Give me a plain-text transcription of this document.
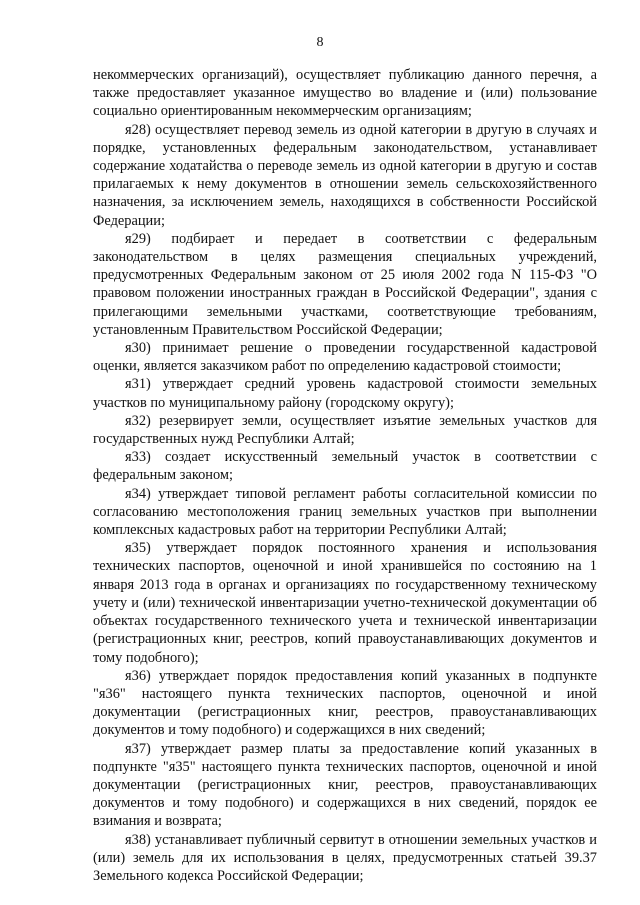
8

некоммерческих организаций), осуществляет публикацию данного перечня, а также предоставляет указанное имущество во владение и (или) пользование социально ориентированным некоммерческим организациям;

я28) осуществляет перевод земель из одной категории в другую в случаях и порядке, установленных федеральным законодательством, устанавливает содержание ходатайства о переводе земель из одной категории в другую и состав прилагаемых к нему документов в отношении земель сельскохозяйственного назначения, за исключением земель, находящихся в собственности Российской Федерации;

я29) подбирает и передает в соответствии с федеральным законодательством в целях размещения специальных учреждений, предусмотренных Федеральным законом от 25 июля 2002 года N 115-ФЗ "О правовом положении иностранных граждан в Российской Федерации", здания с прилегающими земельными участками, соответствующие требованиям, установленным Правительством Российской Федерации;

я30) принимает решение о проведении государственной кадастровой оценки, является заказчиком работ по определению кадастровой стоимости;

я31) утверждает средний уровень кадастровой стоимости земельных участков по муниципальному району (городскому округу);

я32) резервирует земли, осуществляет изъятие земельных участков для государственных нужд Республики Алтай;

я33) создает искусственный земельный участок в соответствии с федеральным законом;

я34) утверждает типовой регламент работы согласительной комиссии по согласованию местоположения границ земельных участков при выполнении комплексных кадастровых работ на территории Республики Алтай;

я35) утверждает порядок постоянного хранения и использования технических паспортов, оценочной и иной хранившейся по состоянию на 1 января 2013 года в органах и организациях по государственному техническому учету и (или) технической инвентаризации учетно-технической документации об объектах государственного технического учета и технической инвентаризации (регистрационных книг, реестров, копий правоустанавливающих документов и тому подобного);

я36) утверждает порядок предоставления копий указанных в подпункте "я36" настоящего пункта технических паспортов, оценочной и иной документации (регистрационных книг, реестров, правоустанавливающих документов и тому подобного) и содержащихся в них сведений;

я37) утверждает размер платы за предоставление копий указанных в подпункте "я35" настоящего пункта технических паспортов, оценочной и иной документации (регистрационных книг, реестров, правоустанавливающих документов и тому подобного) и содержащихся в них сведений, порядок ее взимания и возврата;

я38) устанавливает публичный сервитут в отношении земельных участков и (или) земель для их использования в целях, предусмотренных статьей 39.37 Земельного кодекса Российской Федерации;
